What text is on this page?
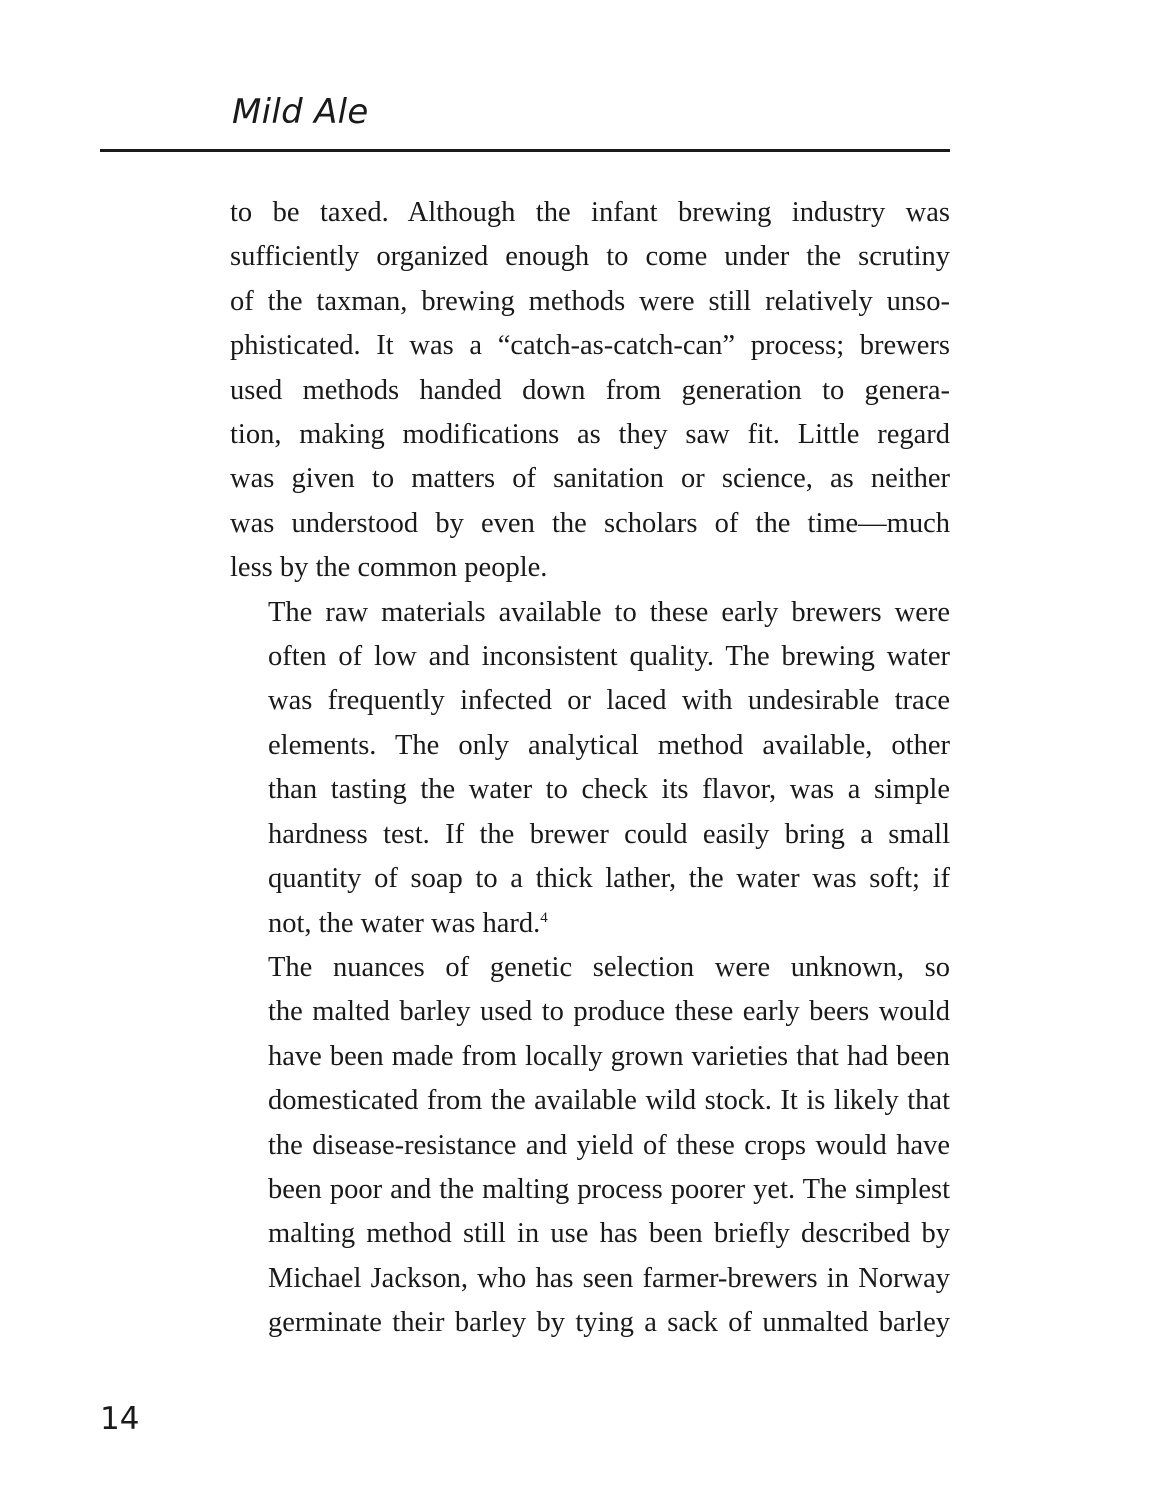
Mild Ale

to be taxed. Although the infant brewing industry was
sufficiently organized enough to come under the scrutiny
of the taxman, brewing methods were still relatively unso-
phisticated. It was a “catch-as-catch-can” process; brewers
used methods handed down from generation to genera-
tion, making modifications as they saw fit. Little regard
was given to matters of sanitation or science, as neither
was understood by even the scholars of the time—much
less by the common people.

The raw materials available to these early brewers were
often of low and inconsistent quality. The brewing water
was frequently infected or laced with undesirable trace
elements. The only analytical method available, other
than tasting the water to check its flavor, was a simple
hardness test. If the brewer could easily bring a small
quantity of soap to a thick lather, the water was soft; if
not, the water was hard.$^4$

The nuances of genetic selection were unknown, so
the malted barley used to produce these early beers would
have been made from locally grown varieties that had been
domesticated from the available wild stock. It is likely that
the disease-resistance and yield of these crops would have
been poor and the malting process poorer yet. The simplest
malting method still in use has been briefly described by
Michael Jackson, who has seen farmer-brewers in Norway
germinate their barley by tying a sack of unmalted barley

14
